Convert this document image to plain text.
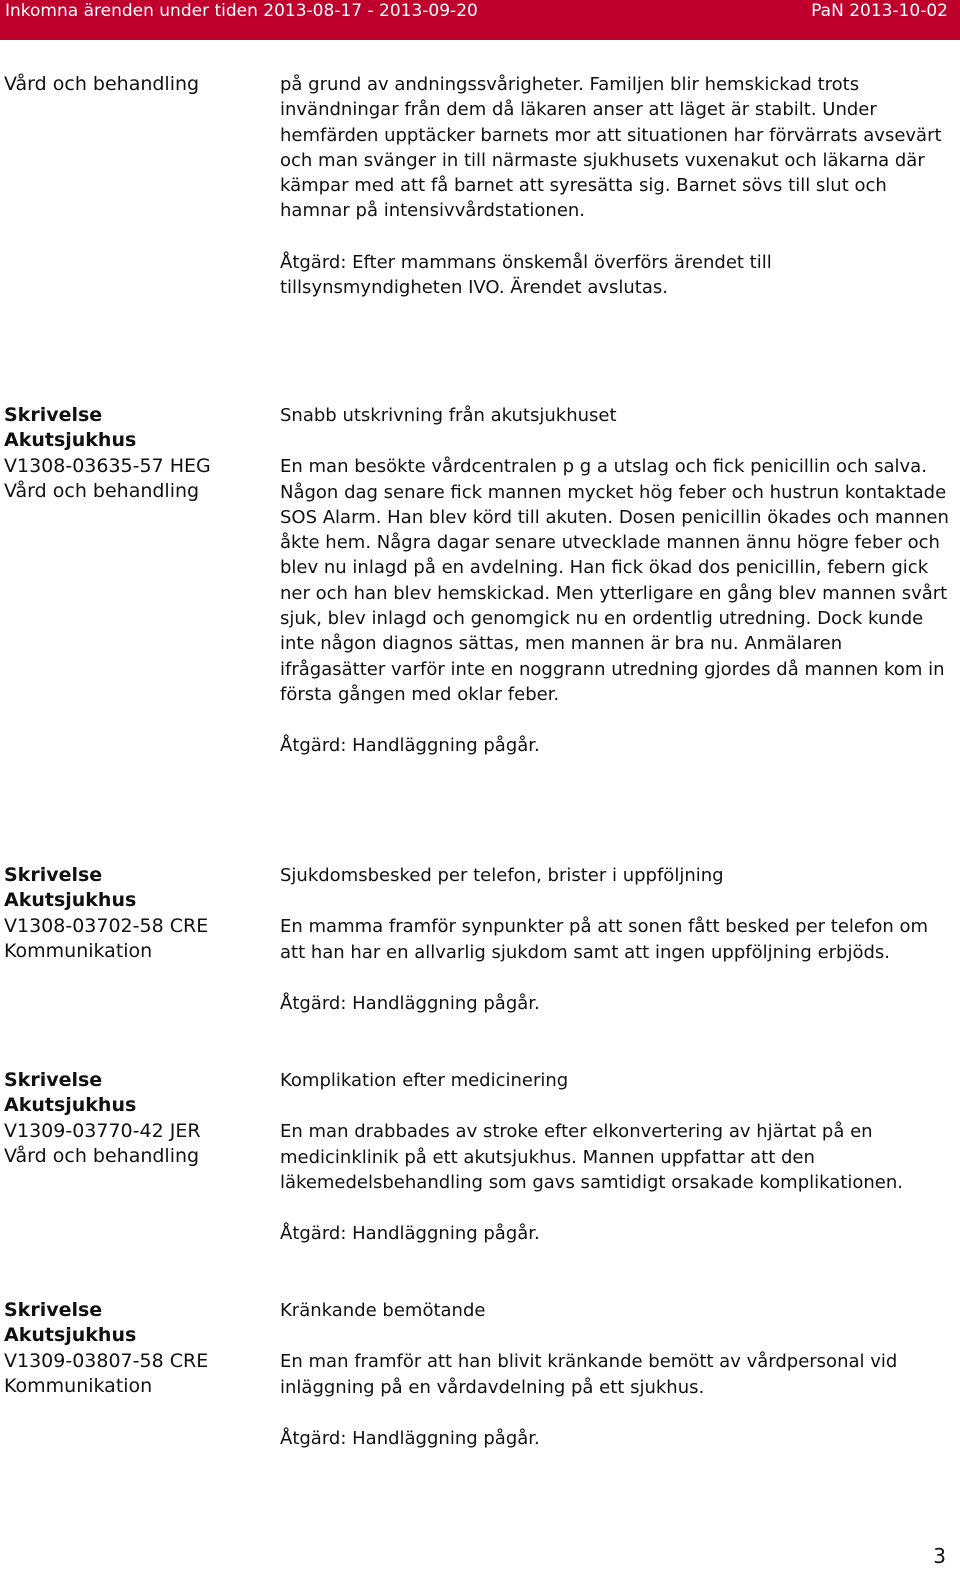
Inkomna ärenden under tiden 2013-08-17 - 2013-09-20	PaN 2013-10-02
Vård och behandling	på grund av andningssvårigheter. Familjen blir hemskickad trots invändningar från dem då läkaren anser att läget är stabilt. Under hemfärden upptäcker barnets mor att situationen har förvärrats avsevärt och man svänger in till närmaste sjukhusets vuxenakut och läkarna där kämpar med att få barnet att syresätta sig. Barnet sövs till slut och hamnar på intensivvårdstationen.

Åtgärd: Efter mammans önskemål överförs ärendet till tillsynsmyndigheten IVO. Ärendet avslutas.

Skrivelse
Akutsjukhus
V1308-03635-57 HEG
Vård och behandling

Snabb utskrivning från akutsjukhuset

En man besökte vårdcentralen p g a utslag och fick penicillin och salva. Någon dag senare fick mannen mycket hög feber och hustrun kontaktade SOS Alarm. Han blev körd till akuten. Dosen penicillin ökades och mannen åkte hem. Några dagar senare utvecklade mannen ännu högre feber och blev nu inlagd på en avdelning. Han fick ökad dos penicillin, febern gick ner och han blev hemskickad. Men ytterligare en gång blev mannen svårt sjuk, blev inlagd och genomgick nu en ordentlig utredning. Dock kunde inte någon diagnos sättas, men mannen är bra nu. Anmälaren ifrågasätter varför inte en noggrann utredning gjordes då mannen kom in första gången med oklar feber.

Åtgärd: Handläggning pågår.

Skrivelse
Akutsjukhus
V1308-03702-58 CRE
Kommunikation

Sjukdomsbesked per telefon, brister i uppföljning

En mamma framför synpunkter på att sonen fått besked per telefon om att han har en allvarlig sjukdom samt att ingen uppföljning erbjöds.

Åtgärd: Handläggning pågår.

Skrivelse
Akutsjukhus
V1309-03770-42 JER
Vård och behandling

Komplikation efter medicinering

En man drabbades av stroke efter elkonvertering av hjärtat på en medicinklinik på ett akutsjukhus. Mannen uppfattar att den läkemedelsbehandling som gavs samtidigt orsakade komplikationen.

Åtgärd: Handläggning pågår.

Skrivelse
Akutsjukhus
V1309-03807-58 CRE
Kommunikation

Kränkande bemötande

En man framför att han blivit kränkande bemött av vårdpersonal vid inläggning på en vårdavdelning på ett sjukhus.

Åtgärd: Handläggning pågår.

3
